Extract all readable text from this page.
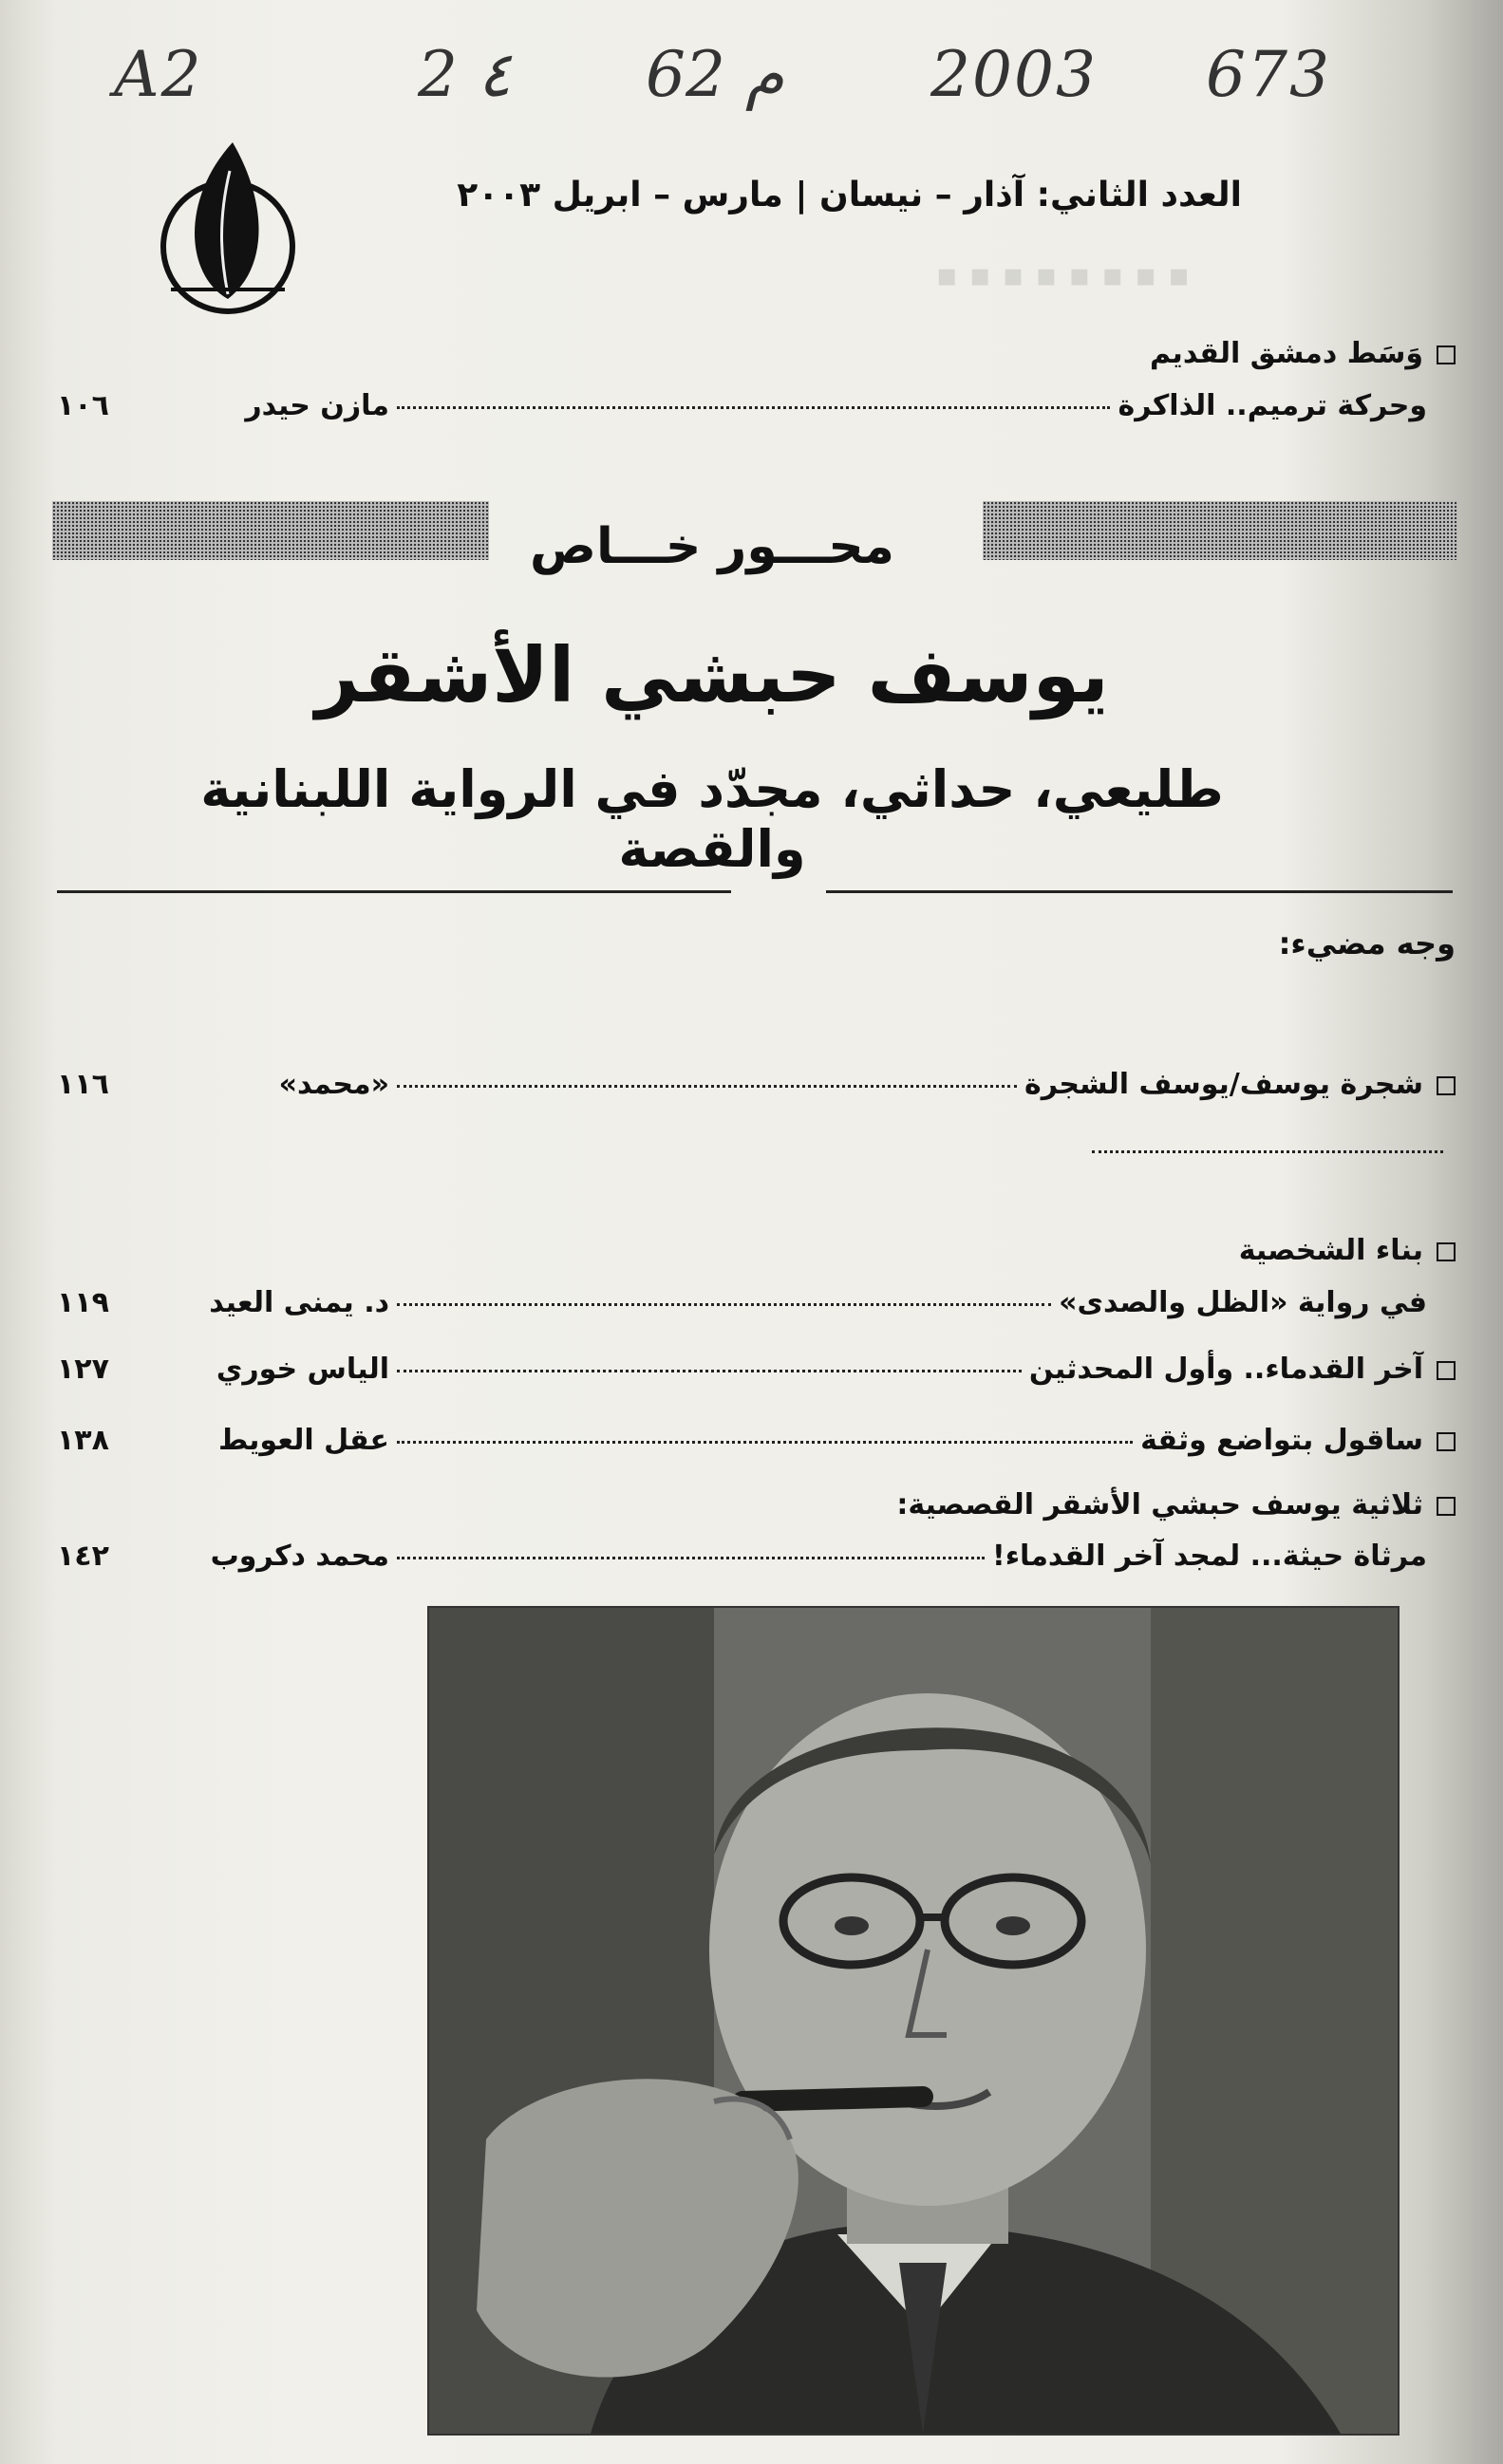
A2	2 ٤ 62 م 2003 673
العدد الثاني: آذار – نيسان | مارس – ابريل ٢٠٠٣
▪ ▪ ▪ ▪ ▪ ▪ ▪ ▪
وَسَط دمشق القديم
وحركة ترميم.. الذاكرة
مازن حيدر
١٠٦
محـــور خـــاص
يوسف حبشي الأشقر
طليعي، حداثي، مجدّد في الرواية اللبنانية والقصة
وجه مضيء:
شجرة يوسف/يوسف الشجرة
«محمد»
١١٦
بناء الشخصية
في رواية «الظل والصدى»
د. يمنى العيد
١١٩
آخر القدماء.. وأول المحدثين
الياس خوري
١٢٧
ساقول بتواضع وثقة
عقل العويط
١٣٨
ثلاثية يوسف حبشي الأشقر القصصية:
مرثاة حيثة... لمجد آخر القدماء!
محمد دكروب
١٤٢
